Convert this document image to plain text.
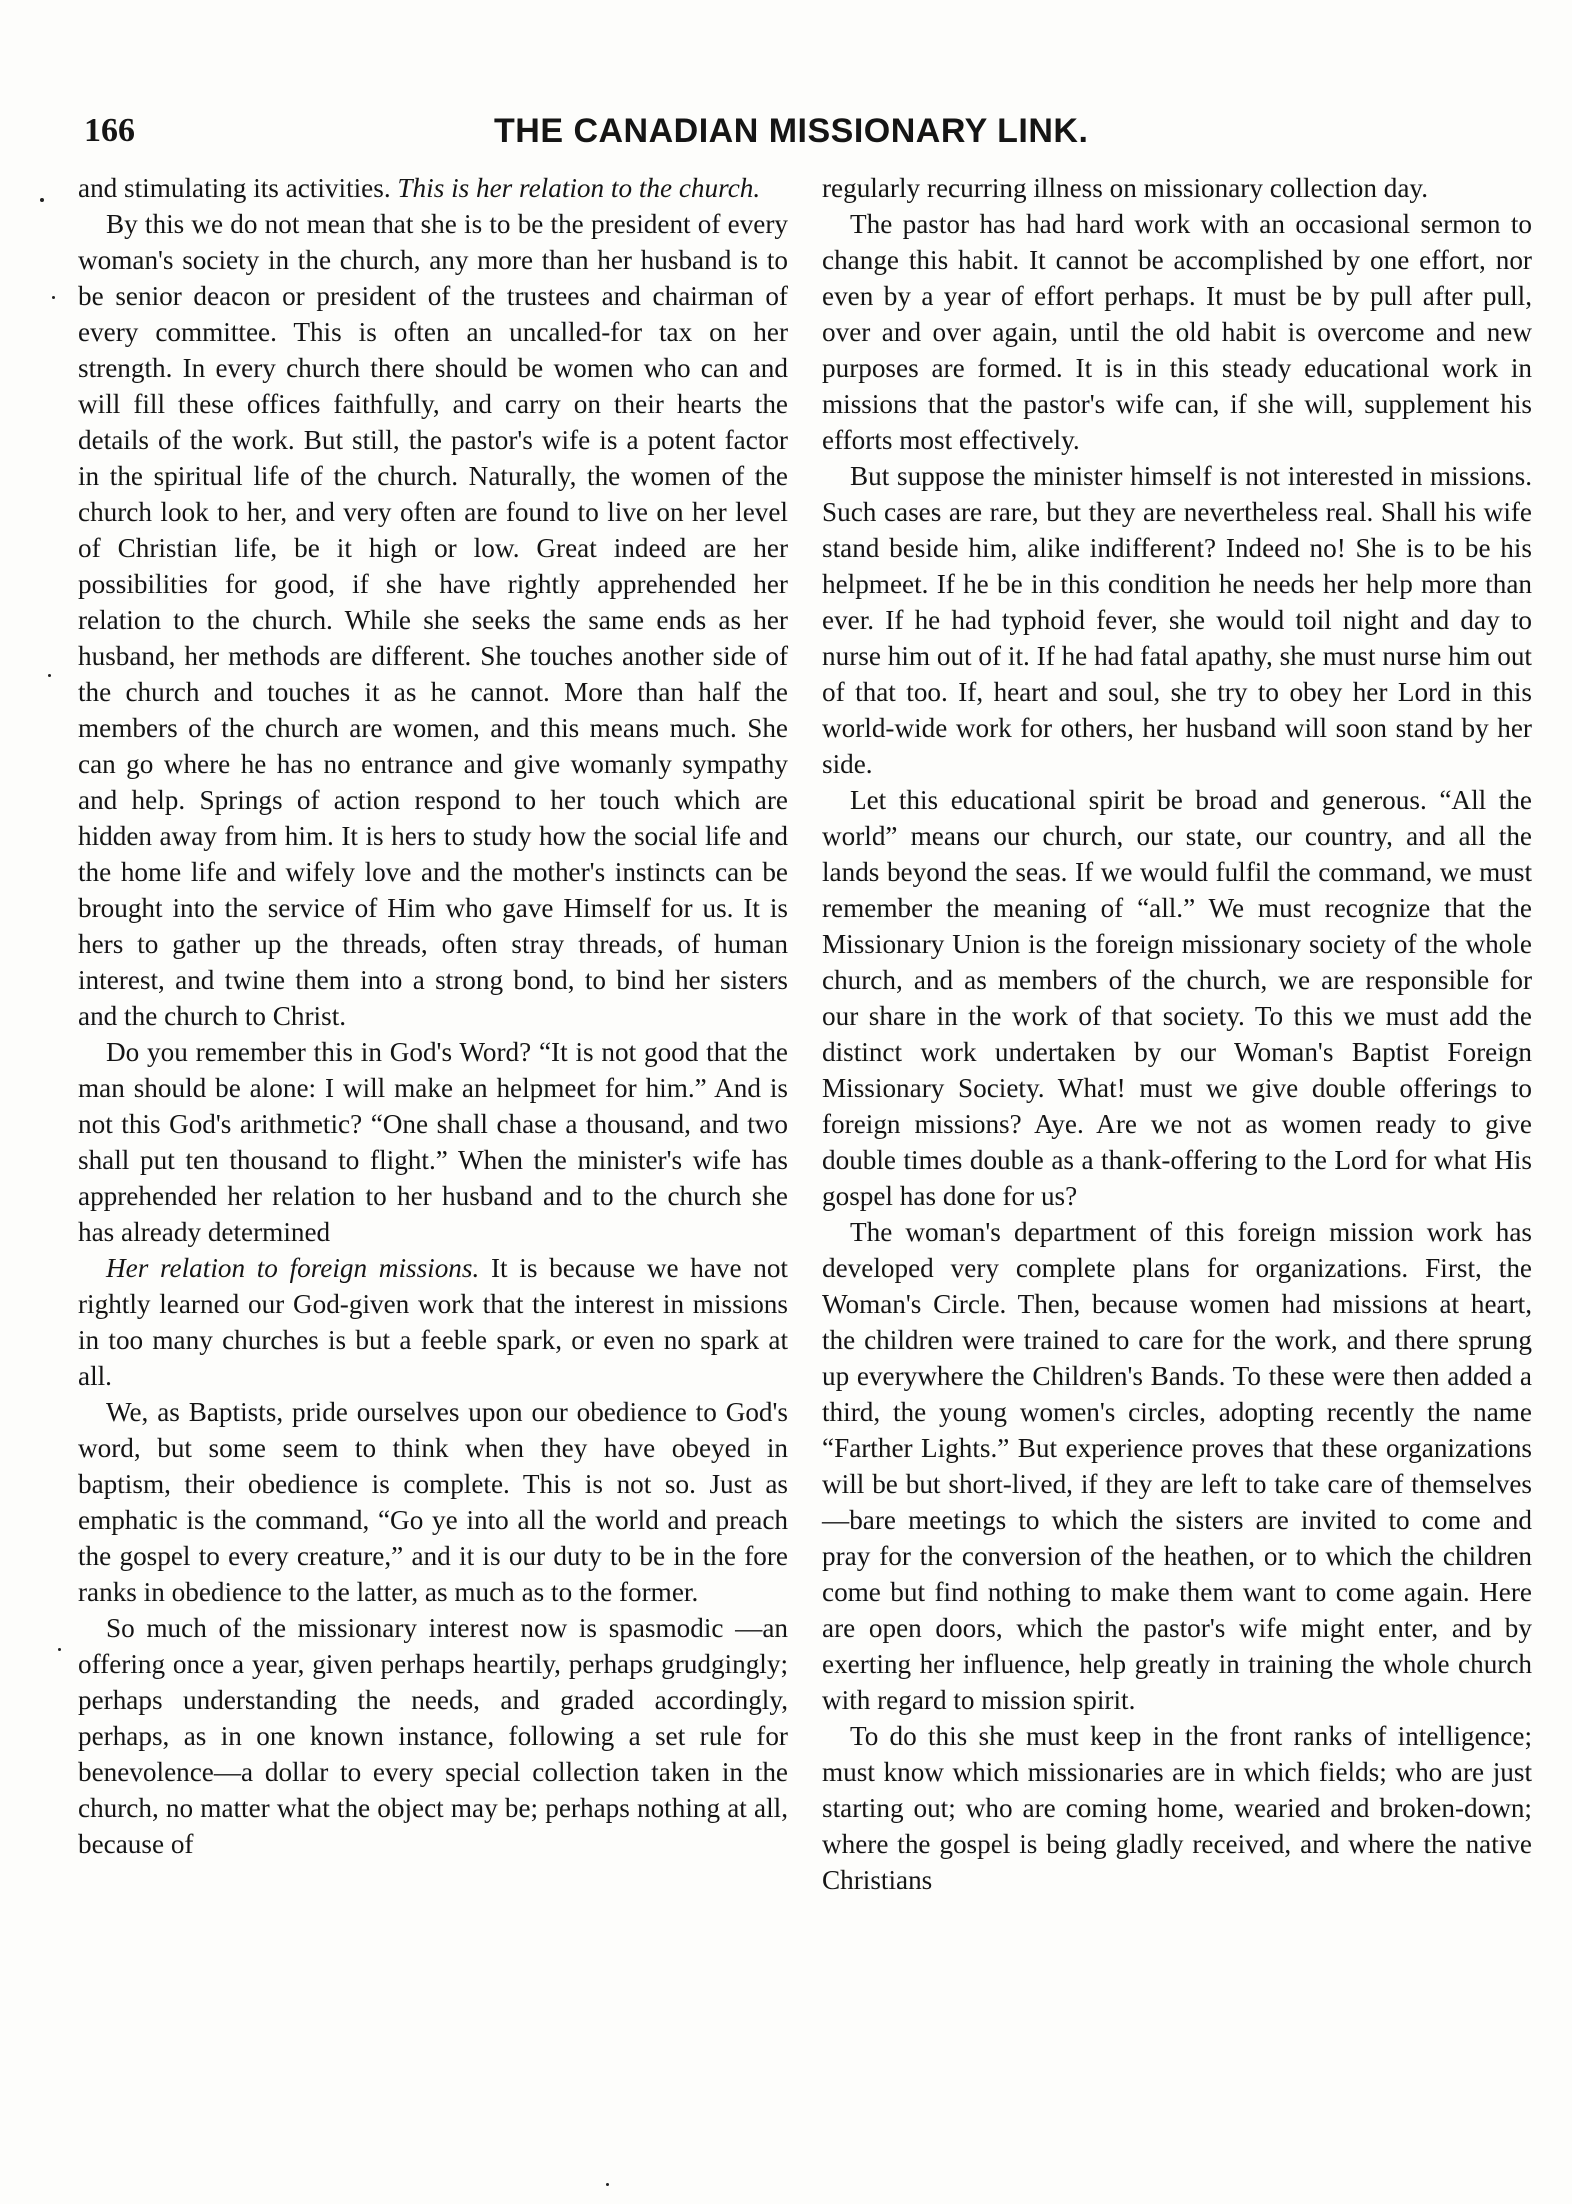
166	THE CANADIAN MISSIONARY LINK.

and stimulating its activities. This is her relation to the church.

By this we do not mean that she is to be the president of every woman's society in the church, any more than her husband is to be senior deacon or president of the trustees and chairman of every committee. This is often an uncalled-for tax on her strength. In every church there should be women who can and will fill these offices faithfully, and carry on their hearts the details of the work. But still, the pastor's wife is a potent factor in the spiritual life of the church. Naturally, the women of the church look to her, and very often are found to live on her level of Christian life, be it high or low. Great indeed are her possibilities for good, if she have rightly apprehended her relation to the church. While she seeks the same ends as her husband, her methods are different. She touches another side of the church and touches it as he cannot. More than half the members of the church are women, and this means much. She can go where he has no entrance and give womanly sympathy and help. Springs of action respond to her touch which are hidden away from him. It is hers to study how the social life and the home life and wifely love and the mother's instincts can be brought into the service of Him who gave Himself for us. It is hers to gather up the threads, often stray threads, of human interest, and twine them into a strong bond, to bind her sisters and the church to Christ.

Do you remember this in God's Word? “It is not good that the man should be alone: I will make an helpmeet for him.” And is not this God's arithmetic? “One shall chase a thousand, and two shall put ten thousand to flight.” When the minister's wife has apprehended her relation to her husband and to the church she has already determined

Her relation to foreign missions. It is because we have not rightly learned our God-given work that the interest in missions in too many churches is but a feeble spark, or even no spark at all.

We, as Baptists, pride ourselves upon our obedience to God's word, but some seem to think when they have obeyed in baptism, their obedience is complete. This is not so. Just as emphatic is the command, “Go ye into all the world and preach the gospel to every creature,” and it is our duty to be in the fore ranks in obedience to the latter, as much as to the former.

So much of the missionary interest now is spasmodic —an offering once a year, given perhaps heartily, perhaps grudgingly; perhaps understanding the needs, and graded accordingly, perhaps, as in one known instance, following a set rule for benevolence—a dollar to every special collection taken in the church, no matter what the object may be; perhaps nothing at all, because of

regularly recurring illness on missionary collection day.

The pastor has had hard work with an occasional sermon to change this habit. It cannot be accomplished by one effort, nor even by a year of effort perhaps. It must be by pull after pull, over and over again, until the old habit is overcome and new purposes are formed. It is in this steady educational work in missions that the pastor's wife can, if she will, supplement his efforts most effectively.

But suppose the minister himself is not interested in missions. Such cases are rare, but they are nevertheless real. Shall his wife stand beside him, alike indifferent? Indeed no! She is to be his helpmeet. If he be in this condition he needs her help more than ever. If he had typhoid fever, she would toil night and day to nurse him out of it. If he had fatal apathy, she must nurse him out of that too. If, heart and soul, she try to obey her Lord in this world-wide work for others, her husband will soon stand by her side.

Let this educational spirit be broad and generous. “All the world” means our church, our state, our country, and all the lands beyond the seas. If we would fulfil the command, we must remember the meaning of “all.” We must recognize that the Missionary Union is the foreign missionary society of the whole church, and as members of the church, we are responsible for our share in the work of that society. To this we must add the distinct work undertaken by our Woman's Baptist Foreign Missionary Society. What! must we give double offerings to foreign missions? Aye. Are we not as women ready to give double times double as a thank-offering to the Lord for what His gospel has done for us?

The woman's department of this foreign mission work has developed very complete plans for organizations. First, the Woman's Circle. Then, because women had missions at heart, the children were trained to care for the work, and there sprung up everywhere the Children's Bands. To these were then added a third, the young women's circles, adopting recently the name “Farther Lights.” But experience proves that these organizations will be but short-lived, if they are left to take care of themselves—bare meetings to which the sisters are invited to come and pray for the conversion of the heathen, or to which the children come but find nothing to make them want to come again. Here are open doors, which the pastor's wife might enter, and by exerting her influence, help greatly in training the whole church with regard to mission spirit.

To do this she must keep in the front ranks of intelligence; must know which missionaries are in which fields; who are just starting out; who are coming home, wearied and broken-down; where the gospel is being gladly received, and where the native Christians
